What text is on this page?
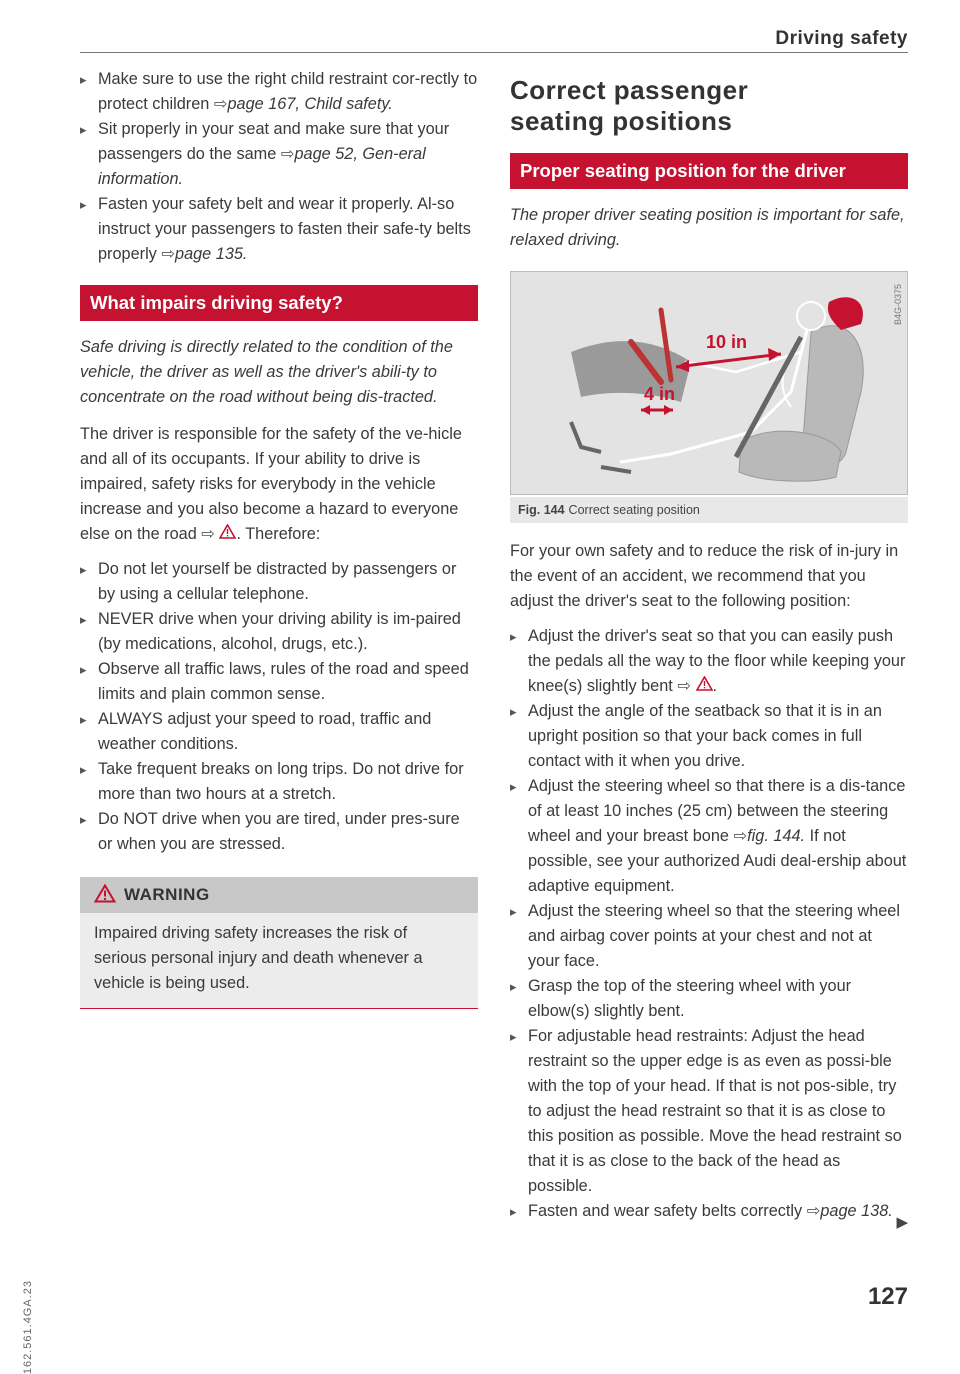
Driving safety
▸ Make sure to use the right child restraint cor-rectly to protect children ⇨page 167, Child safety.
▸ Sit properly in your seat and make sure that your passengers do the same ⇨page 52, Gen-eral information.
▸ Fasten your safety belt and wear it properly. Al-so instruct your passengers to fasten their safe-ty belts properly ⇨page 135.
What impairs driving safety?

Safe driving is directly related to the condition of the vehicle, the driver as well as the driver's abili-ty to concentrate on the road without being dis-tracted.

The driver is responsible for the safety of the ve-hicle and all of its occupants. If your ability to drive is impaired, safety risks for everybody in the vehicle increase and you also become a hazard to everyone else on the road ⇨ . Therefore:

▸ Do not let yourself be distracted by passengers or by using a cellular telephone.
▸ NEVER drive when your driving ability is im-paired (by medications, alcohol, drugs, etc.).
▸ Observe all traffic laws, rules of the road and speed limits and plain common sense.
▸ ALWAYS adjust your speed to road, traffic and weather conditions.
▸ Take frequent breaks on long trips. Do not drive for more than two hours at a stretch.
▸ Do NOT drive when you are tired, under pres-sure or when you are stressed.
WARNING
Impaired driving safety increases the risk of serious personal injury and death whenever a vehicle is being used.
Correct passenger
seating positions
Proper seating position for the driver

The proper driver seating position is important for safe, relaxed driving.

10 in
4 in
B4G-0375
Fig. 144 Correct seating position

For your own safety and to reduce the risk of in-jury in the event of an accident, we recommend that you adjust the driver's seat to the following position:

▸ Adjust the driver's seat so that you can easily push the pedals all the way to the floor while keeping your knee(s) slightly bent ⇨ .
▸ Adjust the angle of the seatback so that it is in an upright position so that your back comes in full contact with it when you drive.
▸ Adjust the steering wheel so that there is a dis-tance of at least 10 inches (25 cm) between the steering wheel and your breast bone ⇨fig. 144. If not possible, see your authorized Audi deal-ership about adaptive equipment.
▸ Adjust the steering wheel so that the steering wheel and airbag cover points at your chest and not at your face.
▸ Grasp the top of the steering wheel with your elbow(s) slightly bent.
▸ For adjustable head restraints: Adjust the head restraint so the upper edge is as even as possi-ble with the top of your head. If that is not pos-sible, try to adjust the head restraint so that it is as close to this position as possible. Move the head restraint so that it is as close to the back of the head as possible.
▸ Fasten and wear safety belts correctly ⇨page 138.
▶
162.561.4GA.23	127
